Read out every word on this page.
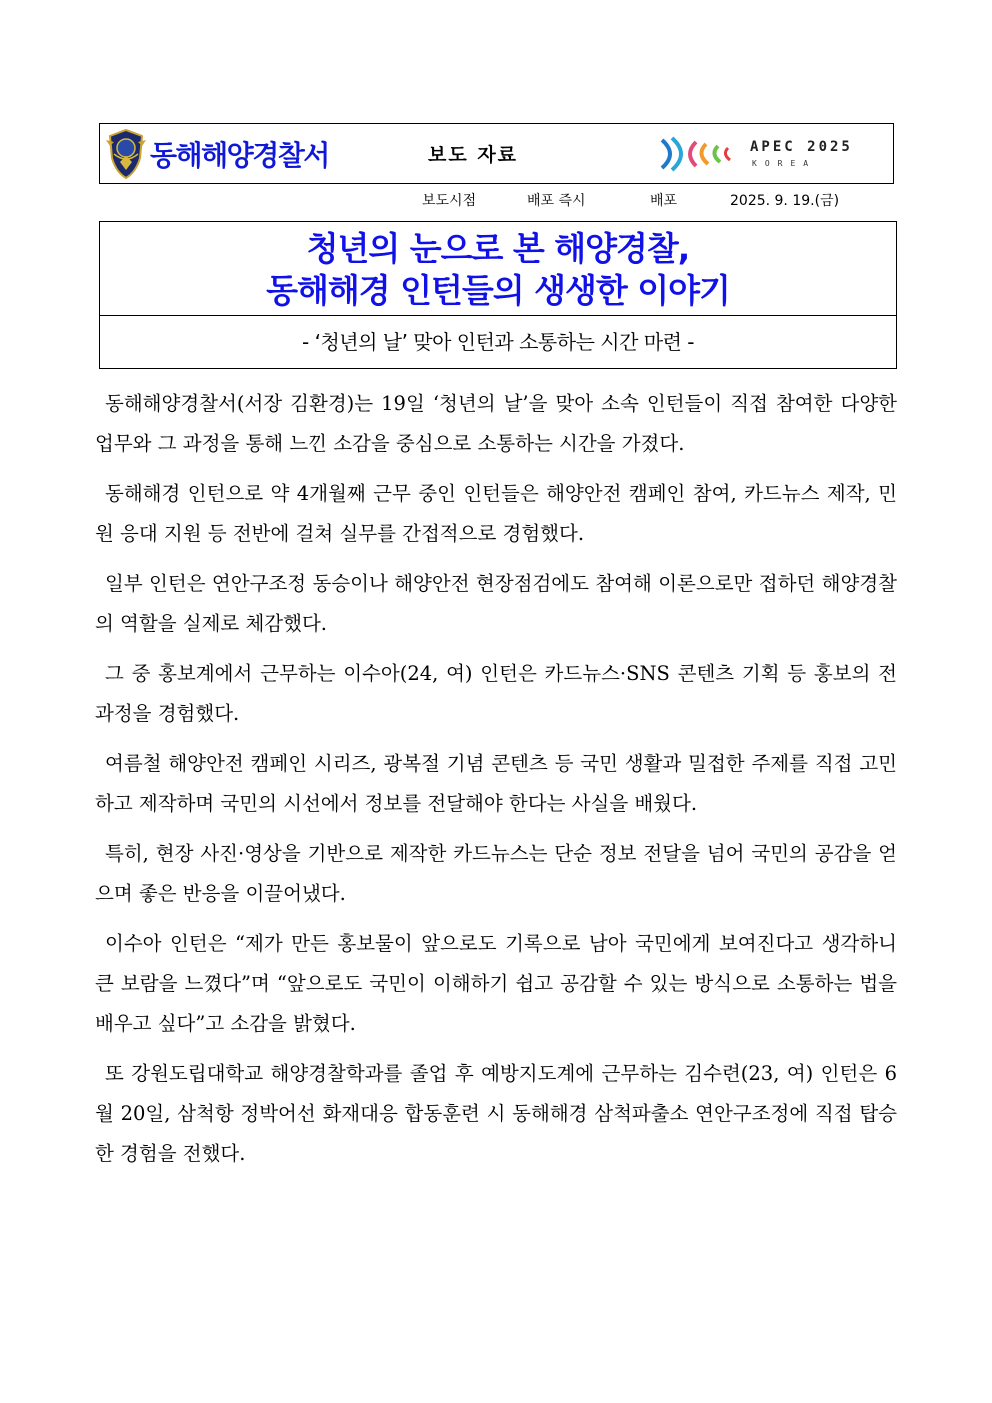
동해해양경찰서	보도 자료	APEC 2025
KOREA
보도시점	배포 즉시	배포	2025. 9. 19.(금)
청년의 눈으로 본 해양경찰,
동해해경 인턴들의 생생한 이야기
- ‘청년의 날’ 맞아 인턴과 소통하는 시간 마련 -

동해해양경찰서(서장 김환경)는 19일 ‘청년의 날’을 맞아 소속 인턴들이 직접 참여한 다양한 업무와 그 과정을 통해 느낀 소감을 중심으로 소통하는 시간을 가졌다.

동해해경 인턴으로 약 4개월째 근무 중인 인턴들은 해양안전 캠페인 참여, 카드뉴스 제작, 민원 응대 지원 등 전반에 걸쳐 실무를 간접적으로 경험했다.

일부 인턴은 연안구조정 동승이나 해양안전 현장점검에도 참여해 이론으로만 접하던 해양경찰의 역할을 실제로 체감했다.

그 중 홍보계에서 근무하는 이수아(24, 여) 인턴은 카드뉴스·SNS 콘텐츠 기획 등 홍보의 전 과정을 경험했다.

여름철 해양안전 캠페인 시리즈, 광복절 기념 콘텐츠 등 국민 생활과 밀접한 주제를 직접 고민하고 제작하며 국민의 시선에서 정보를 전달해야 한다는 사실을 배웠다.

특히, 현장 사진·영상을 기반으로 제작한 카드뉴스는 단순 정보 전달을 넘어 국민의 공감을 얻으며 좋은 반응을 이끌어냈다.

이수아 인턴은 “제가 만든 홍보물이 앞으로도 기록으로 남아 국민에게 보여진다고 생각하니 큰 보람을 느꼈다”며 “앞으로도 국민이 이해하기 쉽고 공감할 수 있는 방식으로 소통하는 법을 배우고 싶다”고 소감을 밝혔다.

또 강원도립대학교 해양경찰학과를 졸업 후 예방지도계에 근무하는 김수련(23, 여) 인턴은 6월 20일, 삼척항 정박어선 화재대응 합동훈련 시 동해해경 삼척파출소 연안구조정에 직접 탑승한 경험을 전했다.
